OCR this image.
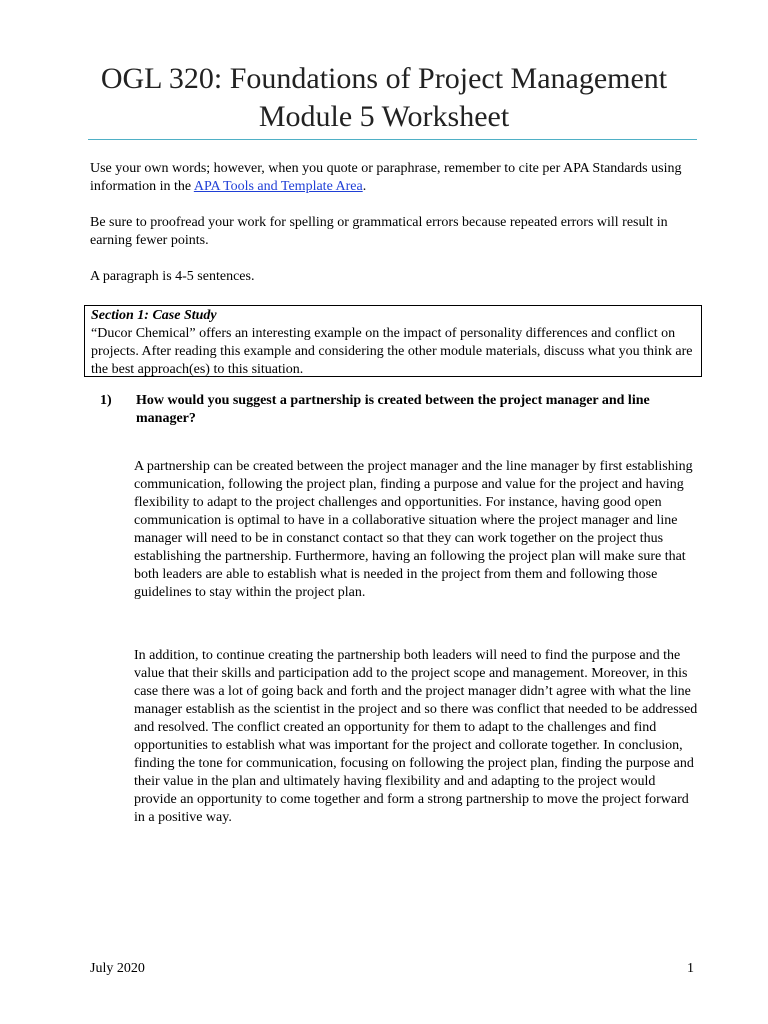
OGL 320: Foundations of Project Management
Module 5 Worksheet
Use your own words; however, when you quote or paraphrase, remember to cite per APA Standards using information in the APA Tools and Template Area.
Be sure to proofread your work for spelling or grammatical errors because repeated errors will result in earning fewer points.
A paragraph is 4-5 sentences.
Section 1: Case Study
“Ducor Chemical” offers an interesting example on the impact of personality differences and conflict on projects. After reading this example and considering the other module materials, discuss what you think are the best approach(es) to this situation.
1) How would you suggest a partnership is created between the project manager and line manager?
A partnership can be created between the project manager and the line manager by first establishing communication, following the project plan, finding a purpose and value for the project and having flexibility to adapt to the project challenges and opportunities. For instance, having good open communication is optimal to have in a collaborative situation where the project manager and line manager will need to be in constanct contact so that they can work together on the project thus establishing the partnership. Furthermore, having an following the project plan will make sure that both leaders are able to establish what is needed in the project from them and following those guidelines to stay within the project plan.
In addition, to continue creating the partnership both leaders will need to find the purpose and the value that their skills and participation add to the project scope and management. Moreover, in this case there was a lot of going back and forth and the project manager didn’t agree with what the line manager establish as the scientist in the project and so there was conflict that needed to be addressed and resolved. The conflict created an opportunity for them to adapt to the challenges and find opportunities to establish what was important for the project and collorate together. In conclusion, finding the tone for communication, focusing on following the project plan, finding the purpose and their value in the plan and ultimately having flexibility and and adapting to the project would provide an opportunity to come together and form a strong partnership to move the project forward in a positive way.
July 2020	1
